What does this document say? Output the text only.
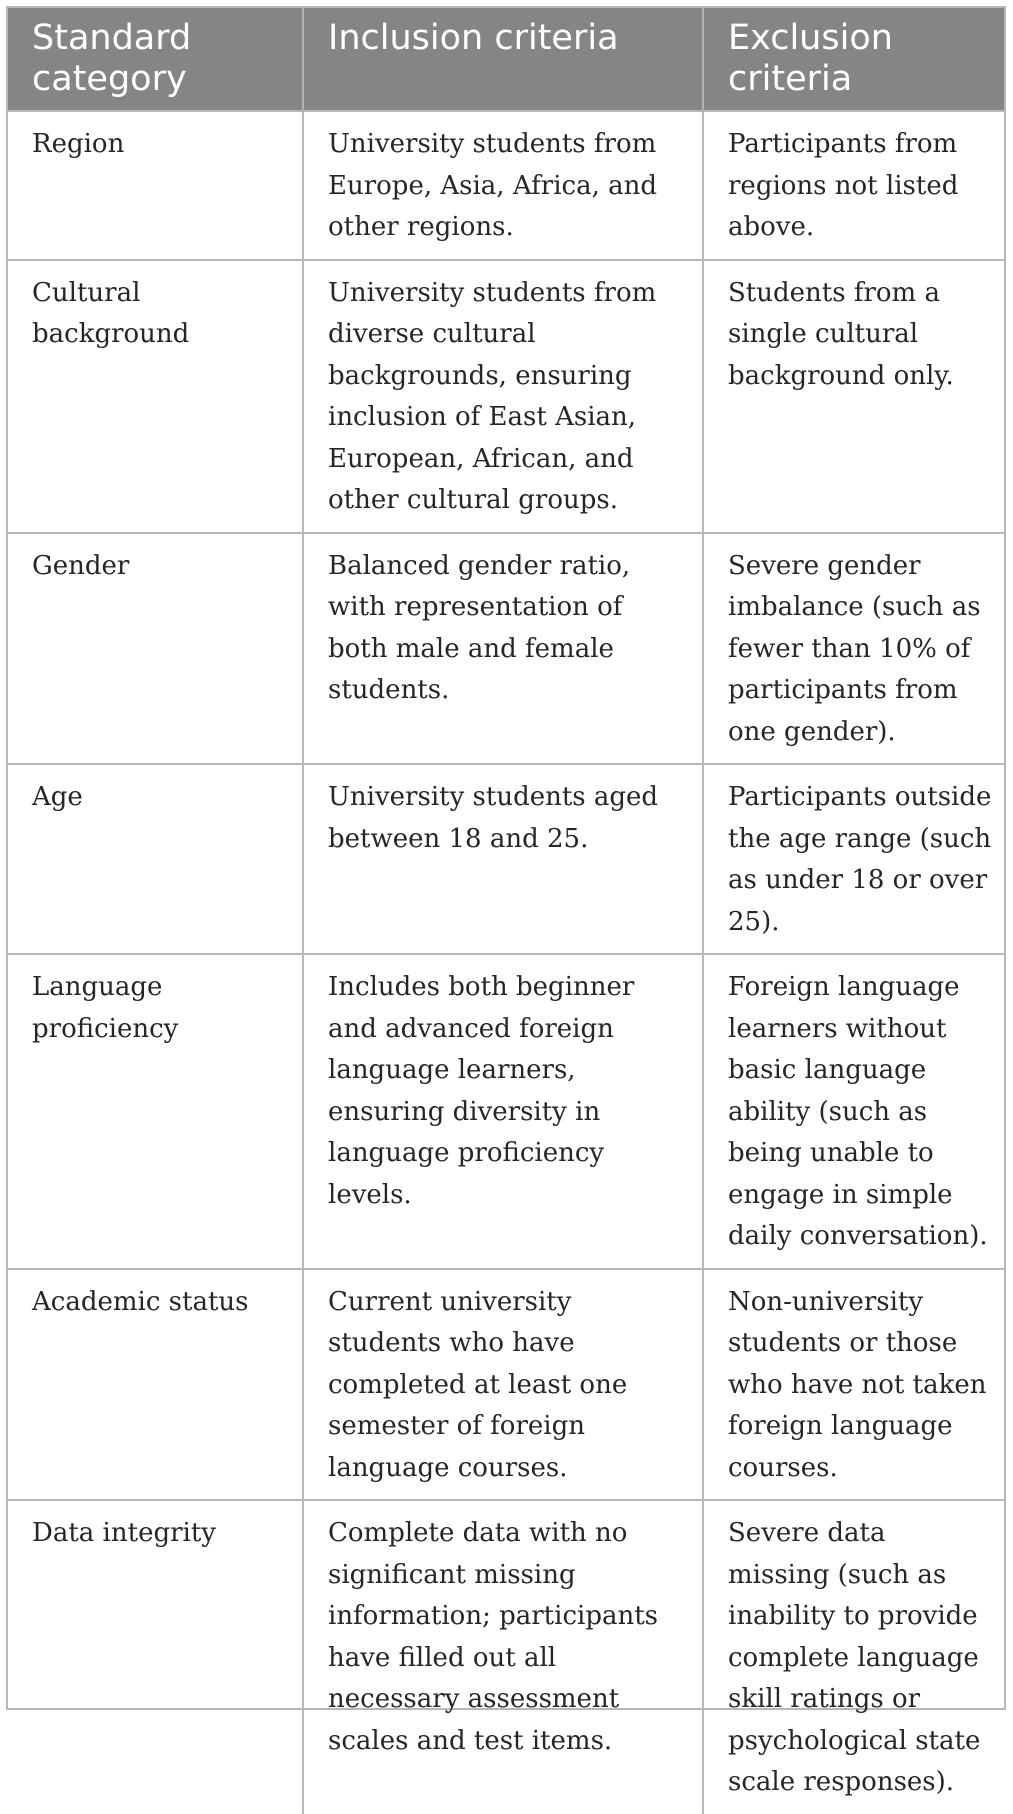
Standard category	Inclusion criteria	Exclusion criteria
Region	University students from Europe, Asia, Africa, and other regions.	Participants from regions not listed above.
Cultural background	University students from diverse cultural backgrounds, ensuring inclusion of East Asian, European, African, and other cultural groups.	Students from a single cultural background only.
Gender	Balanced gender ratio, with representation of both male and female students.	Severe gender imbalance (such as fewer than 10% of participants from one gender).
Age	University students aged between 18 and 25.	Participants outside the age range (such as under 18 or over 25).
Language proficiency	Includes both beginner and advanced foreign language learners, ensuring diversity in language proficiency levels.	Foreign language learners without basic language ability (such as being unable to engage in simple daily conversation).
Academic status	Current university students who have completed at least one semester of foreign language courses.	Non-university students or those who have not taken foreign language courses.
Data integrity	Complete data with no significant missing information; participants have filled out all necessary assessment scales and test items.	Severe data missing (such as inability to provide complete language skill ratings or psychological state scale responses).
